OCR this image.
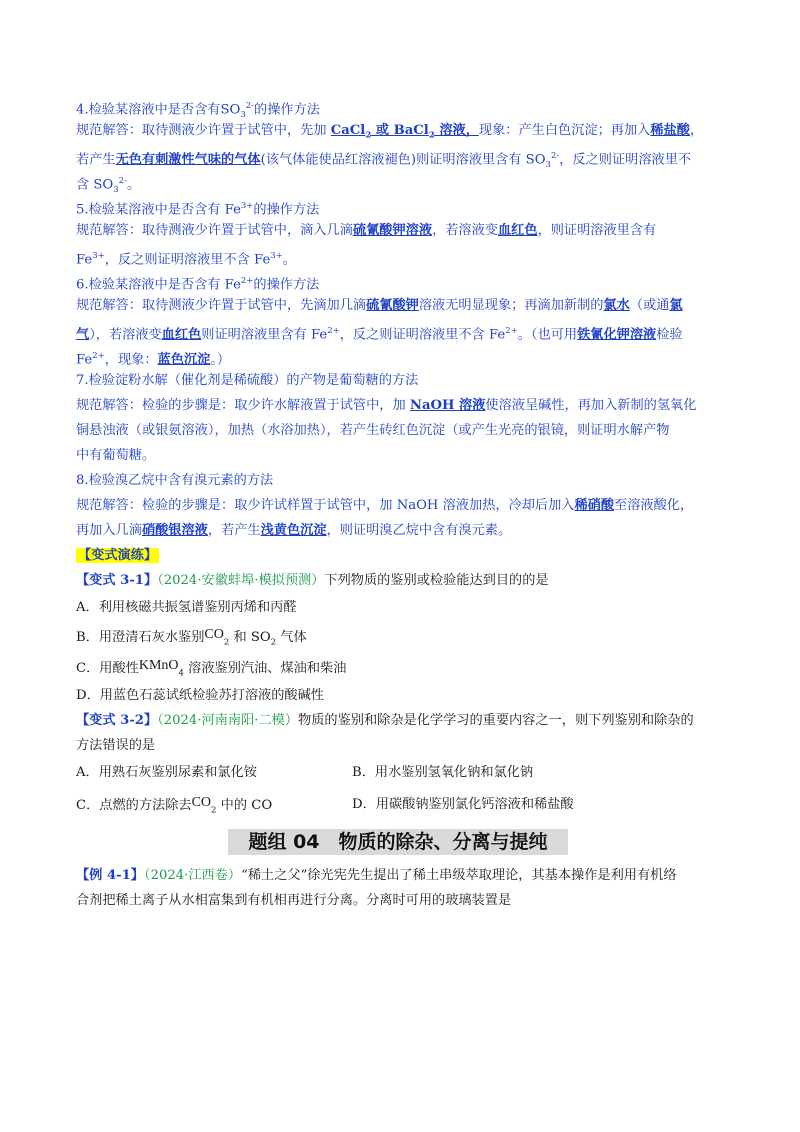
4.检验某溶液中是否含有$SO_3^{2-}$的操作方法
规范解答：取待测液少许置于试管中，先加 CaCl$_2$ 或 BaCl$_2$ 溶液，现象：产生白色沉淀；再加入稀盐酸，
若产生无色有刺激性气味的气体(该气体能使品红溶液褪色)则证明溶液里含有 $SO_3^{2-}$，反之则证明溶液里不
含 $SO_3^{2-}$。
5.检验某溶液中是否含有 $Fe^{3+}$的操作方法
规范解答：取待测液少许置于试管中，滴入几滴硫氰酸钾溶液，若溶液变血红色，则证明溶液里含有
$Fe^{3+}$，反之则证明溶液里不含 $Fe^{3+}$。
6.检验某溶液中是否含有 $Fe^{2+}$的操作方法
规范解答：取待测液少许置于试管中，先滴加几滴硫氰酸钾溶液无明显现象；再滴加新制的氯水（或通氯
气），若溶液变血红色则证明溶液里含有 $Fe^{2+}$，反之则证明溶液里不含 $Fe^{2+}$。（也可用铁氰化钾溶液检验
$Fe^{2+}$，现象：蓝色沉淀。）
7.检验淀粉水解（催化剂是稀硫酸）的产物是葡萄糖的方法
规范解答：检验的步骤是：取少许水解液置于试管中，加 NaOH 溶液使溶液呈碱性，再加入新制的氢氧化
铜悬浊液（或银氨溶液），加热（水浴加热），若产生砖红色沉淀（或产生光亮的银镜，则证明水解产物
中有葡萄糖。
8.检验溴乙烷中含有溴元素的方法
规范解答：检验的步骤是：取少许试样置于试管中，加 NaOH 溶液加热，冷却后加入稀硝酸至溶液酸化，
再加入几滴硝酸银溶液，若产生浅黄色沉淀，则证明溴乙烷中含有溴元素。
【变式演练】
【变式 3-1】（2024·安徽蚌埠·模拟预测）下列物质的鉴别或检验能达到目的的是
A．利用核磁共振氢谱鉴别丙烯和丙醛
B．用澄清石灰水鉴别$CO_2$ 和 $SO_2$ 气体
C．用酸性KMnO$_4$ 溶液鉴别汽油、煤油和柴油
D．用蓝色石蕊试纸检验苏打溶液的酸碱性
【变式 3-2】（2024·河南南阳·二模）物质的鉴别和除杂是化学学习的重要内容之一，则下列鉴别和除杂的
方法错误的是
A．用熟石灰鉴别尿素和氯化铵	B．用水鉴别氢氧化钠和氯化钠
C．点燃的方法除去$CO_2$ 中的 CO	D．用碳酸钠鉴别氯化钙溶液和稀盐酸
题组 04　物质的除杂、分离与提纯
【例 4-1】（2024·江西卷）“稀土之父”徐光宪先生提出了稀土串级萃取理论，其基本操作是利用有机络
合剂把稀土离子从水相富集到有机相再进行分离。分离时可用的玻璃装置是
